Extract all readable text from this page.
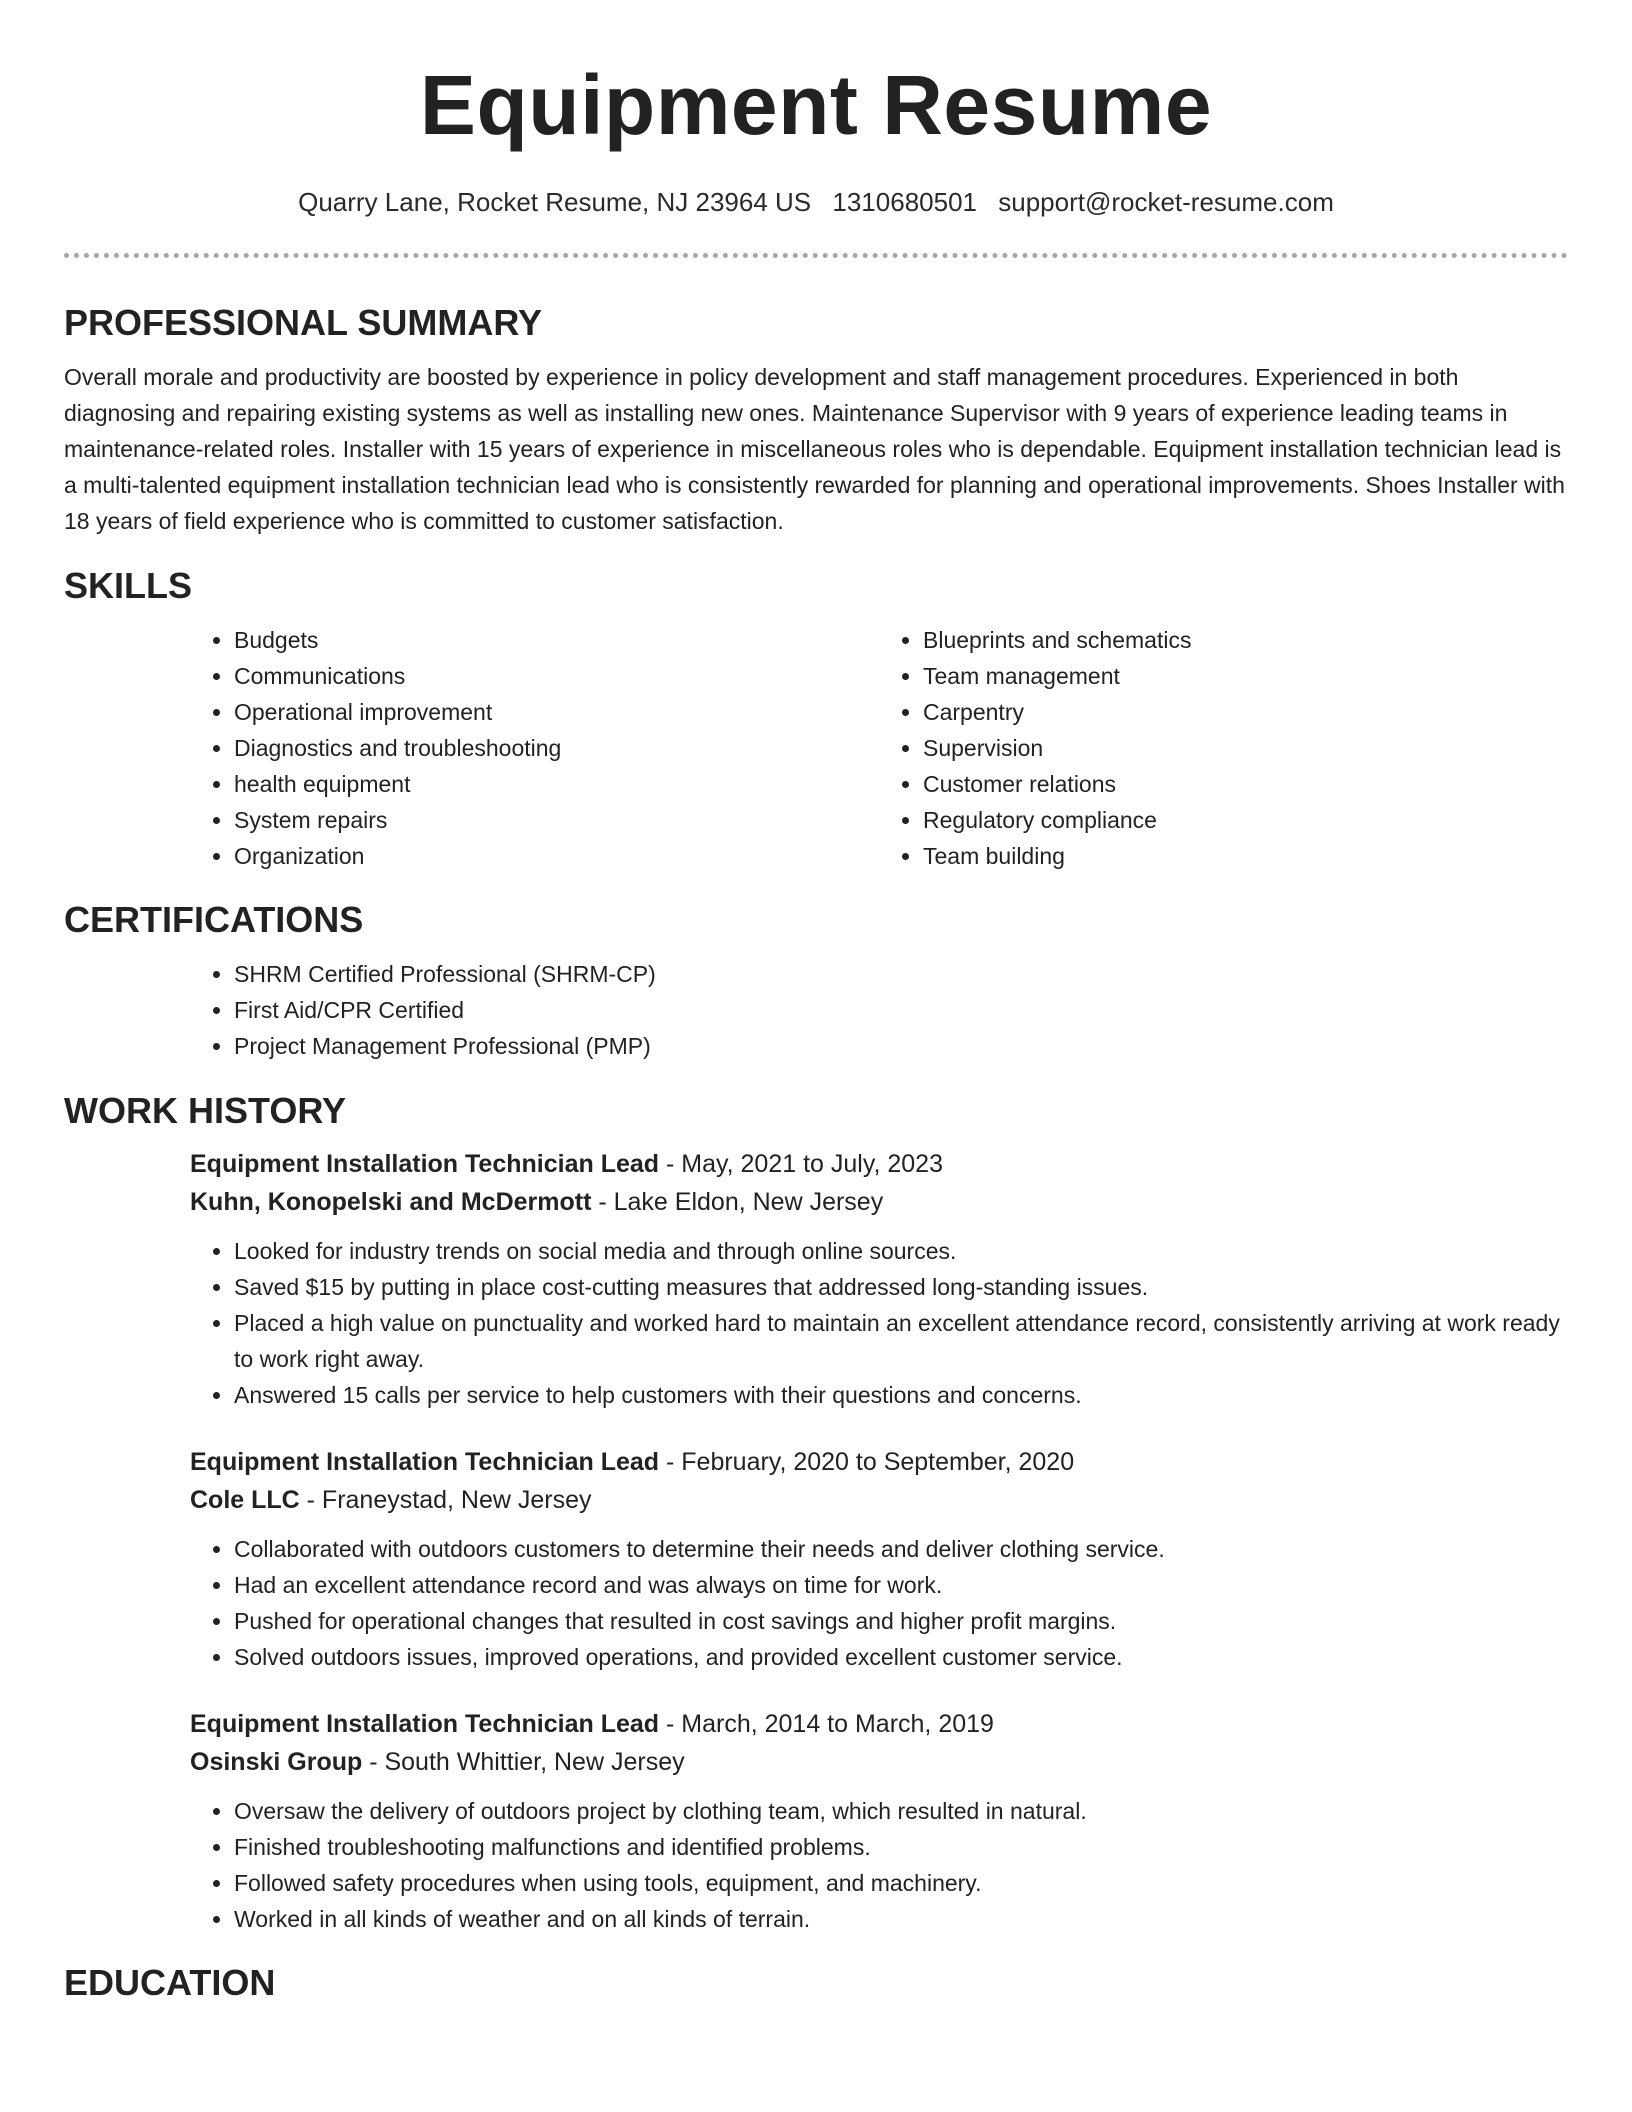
Equipment Resume
Quarry Lane, Rocket Resume, NJ 23964 US 1310680501 support@rocket-resume.com
PROFESSIONAL SUMMARY

Overall morale and productivity are boosted by experience in policy development and staff management procedures. Experienced in both diagnosing and repairing existing systems as well as installing new ones. Maintenance Supervisor with 9 years of experience leading teams in maintenance-related roles. Installer with 15 years of experience in miscellaneous roles who is dependable. Equipment installation technician lead is a multi-talented equipment installation technician lead who is consistently rewarded for planning and operational improvements. Shoes Installer with 18 years of field experience who is committed to customer satisfaction.

SKILLS
• Budgets
• Communications
• Operational improvement
• Diagnostics and troubleshooting
• health equipment
• System repairs
• Organization
• Blueprints and schematics
• Team management
• Carpentry
• Supervision
• Customer relations
• Regulatory compliance
• Team building
CERTIFICATIONS
• SHRM Certified Professional (SHRM-CP)
• First Aid/CPR Certified
• Project Management Professional (PMP)
WORK HISTORY

Equipment Installation Technician Lead - May, 2021 to July, 2023

Kuhn, Konopelski and McDermott - Lake Eldon, New Jersey

• Looked for industry trends on social media and through online sources.
• Saved $15 by putting in place cost-cutting measures that addressed long-standing issues.
• Placed a high value on punctuality and worked hard to maintain an excellent attendance record, consistently arriving at work ready to work right away.
• Answered 15 calls per service to help customers with their questions and concerns.

Equipment Installation Technician Lead - February, 2020 to September, 2020

Cole LLC - Franeystad, New Jersey

• Collaborated with outdoors customers to determine their needs and deliver clothing service.
• Had an excellent attendance record and was always on time for work.
• Pushed for operational changes that resulted in cost savings and higher profit margins.
• Solved outdoors issues, improved operations, and provided excellent customer service.

Equipment Installation Technician Lead - March, 2014 to March, 2019

Osinski Group - South Whittier, New Jersey

• Oversaw the delivery of outdoors project by clothing team, which resulted in natural.
• Finished troubleshooting malfunctions and identified problems.
• Followed safety procedures when using tools, equipment, and machinery.
• Worked in all kinds of weather and on all kinds of terrain.
EDUCATION
